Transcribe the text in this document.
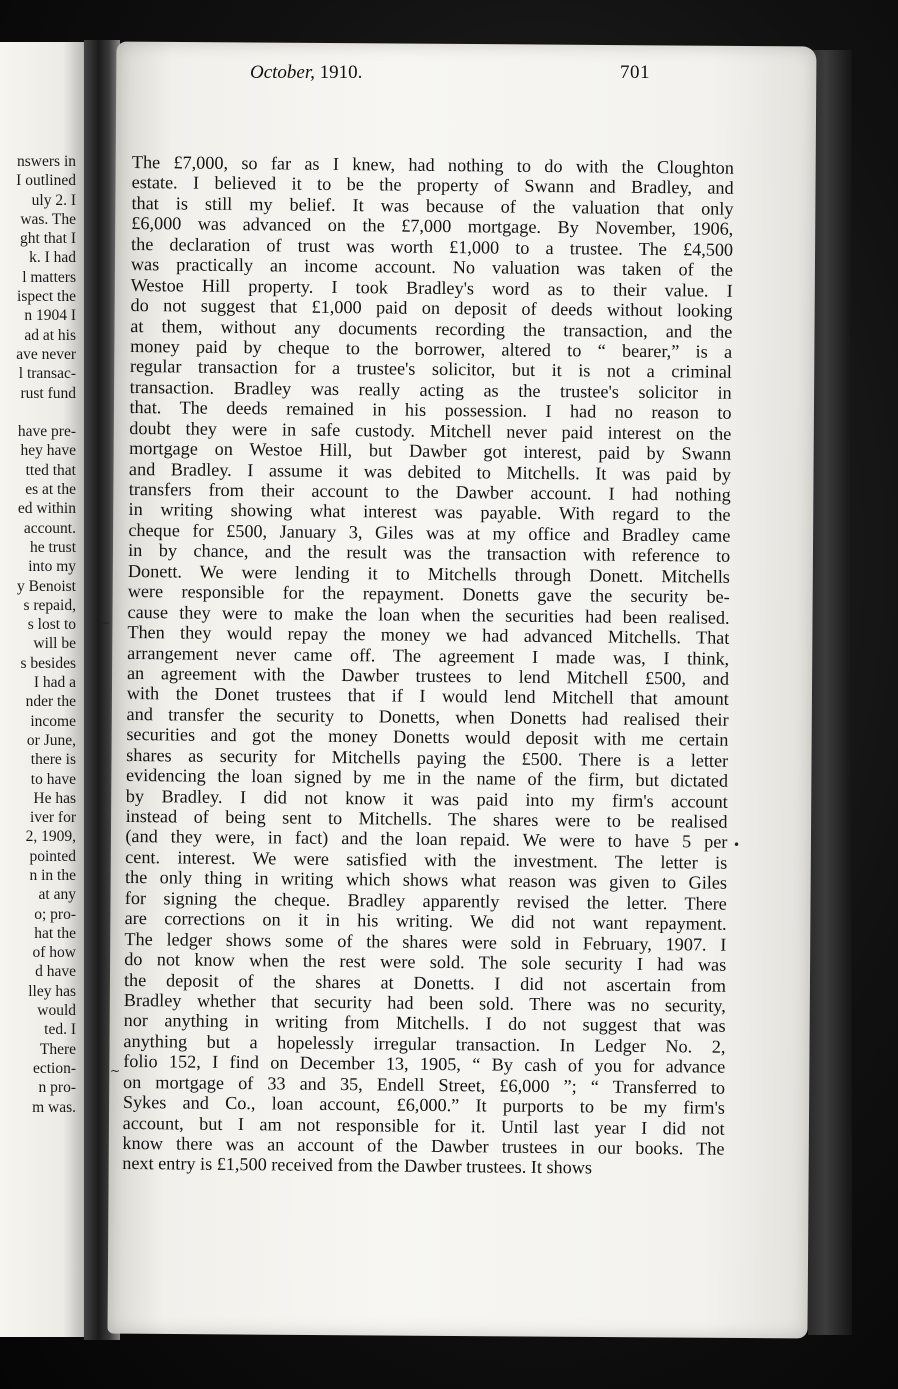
nswers in
I outlined
uly 2. I
was. The
ght that I
k. I had
l matters
ispect the
n 1904 I
ad at his
ave never
l transac-
rust fund
have pre-
hey have
tted that
es at the
ed within
account.
he trust
into my
y Benoist
s repaid,
s lost to
will be
s besides
I had a
nder the
income
or June,
there is
to have
He has
iver for
2, 1909,
pointed
n in the
at any
o; pro-
hat the
of how
d have
lley has
would
ted. I
There
ection-
n pro-
m was.
October, 1910.	701
The £7,000, so far as I knew, had nothing to do with the Cloughton
estate. I believed it to be the property of Swann and Bradley, and
that is still my belief. It was because of the valuation that only
£6,000 was advanced on the £7,000 mortgage. By November, 1906,
the declaration of trust was worth £1,000 to a trustee. The £4,500
was practically an income account. No valuation was taken of the
Westoe Hill property. I took Bradley's word as to their value. I
do not suggest that £1,000 paid on deposit of deeds without looking
at them, without any documents recording the transaction, and the
money paid by cheque to the borrower, altered to “ bearer,” is a
regular transaction for a trustee's solicitor, but it is not a criminal
transaction. Bradley was really acting as the trustee's solicitor in
that. The deeds remained in his possession. I had no reason to
doubt they were in safe custody. Mitchell never paid interest on the
mortgage on Westoe Hill, but Dawber got interest, paid by Swann
and Bradley. I assume it was debited to Mitchells. It was paid by
transfers from their account to the Dawber account. I had nothing
in writing showing what interest was payable. With regard to the
cheque for £500, January 3, Giles was at my office and Bradley came
in by chance, and the result was the transaction with reference to
Donett. We were lending it to Mitchells through Donett. Mitchells
were responsible for the repayment. Donetts gave the security be-
cause they were to make the loan when the securities had been realised.
Then they would repay the money we had advanced Mitchells. That
arrangement never came off. The agreement I made was, I think,
an agreement with the Dawber trustees to lend Mitchell £500, and
with the Donet trustees that if I would lend Mitchell that amount
and transfer the security to Donetts, when Donetts had realised their
securities and got the money Donetts would deposit with me certain
shares as security for Mitchells paying the £500. There is a letter
evidencing the loan signed by me in the name of the firm, but dictated
by Bradley. I did not know it was paid into my firm's account
instead of being sent to Mitchells. The shares were to be realised
(and they were, in fact) and the loan repaid. We were to have 5 per
cent. interest. We were satisfied with the investment. The letter is
the only thing in writing which shows what reason was given to Giles
for signing the cheque. Bradley apparently revised the letter. There
are corrections on it in his writing. We did not want repayment.
The ledger shows some of the shares were sold in February, 1907. I
do not know when the rest were sold. The sole security I had was
the deposit of the shares at Donetts. I did not ascertain from
Bradley whether that security had been sold. There was no security,
nor anything in writing from Mitchells. I do not suggest that was
anything but a hopelessly irregular transaction. In Ledger No. 2,
folio 152, I find on December 13, 1905, “ By cash of you for advance
on mortgage of 33 and 35, Endell Street, £6,000 ”; “ Transferred to
Sykes and Co., loan account, £6,000.” It purports to be my firm's
account, but I am not responsible for it. Until last year I did not
know there was an account of the Dawber trustees in our books. The
next entry is £1,500 received from the Dawber trustees. It shows
~
•
~
